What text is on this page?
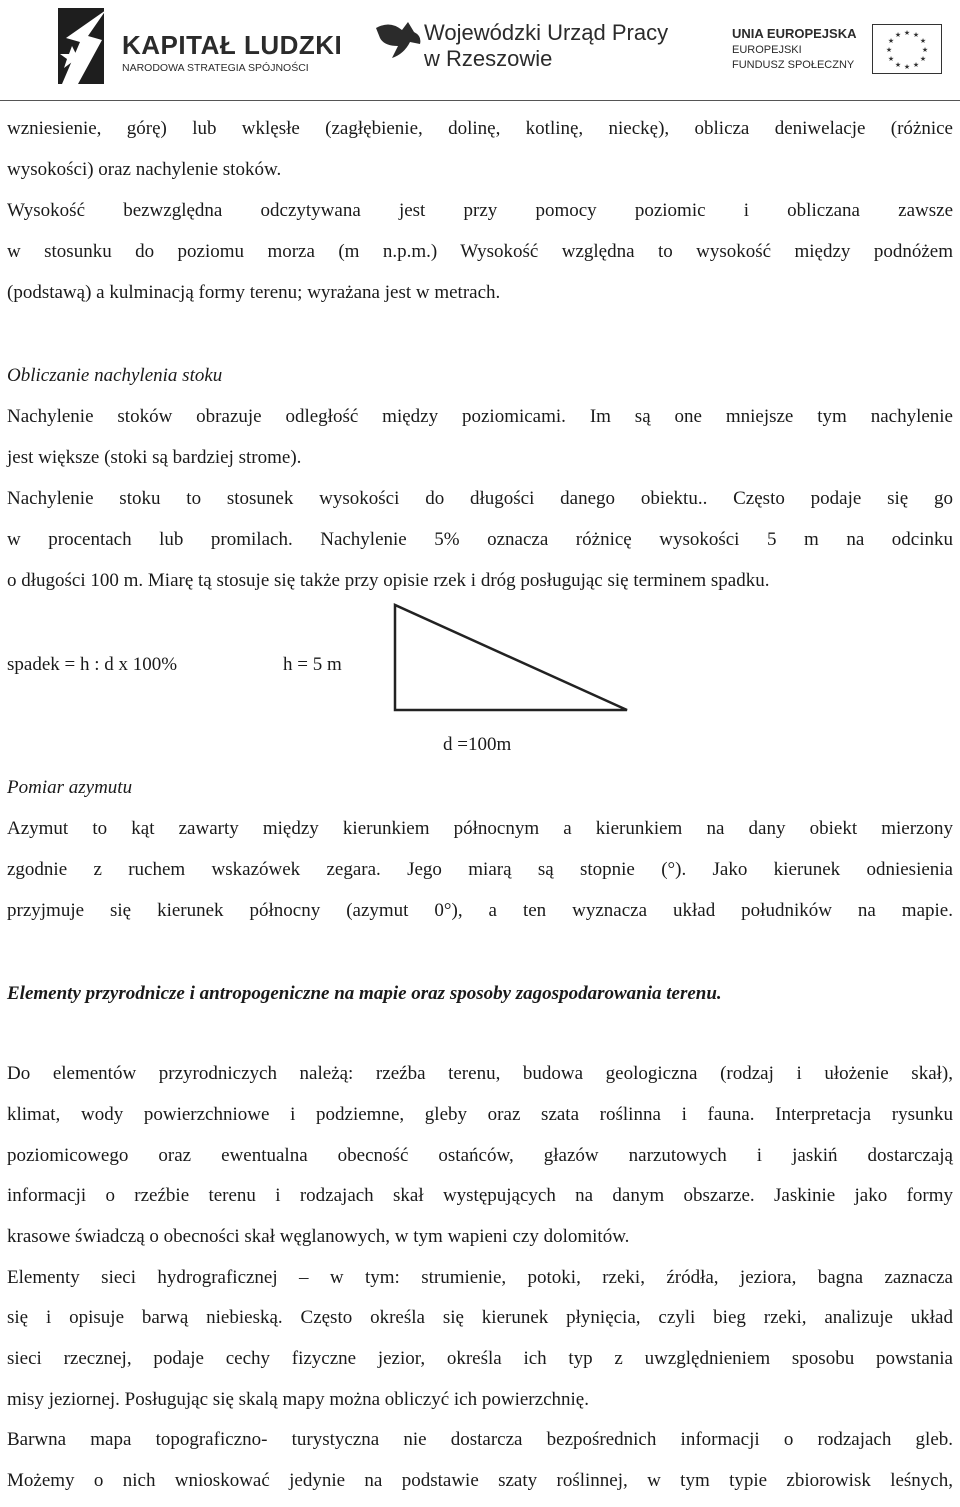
KAPITAŁ LUDZKI
NARODOWA STRATEGIA SPÓJNOŚCI
Wojewódzki Urząd Pracy
w Rzeszowie
UNIA EUROPEJSKA
EUROPEJSKI
FUNDUSZ SPOŁECZNY
★ ★
★
★
★
★
★
★
★
★
★
★
wzniesienie, górę) lub wklęsłe (zagłębienie, dolinę, kotlinę, nieckę), oblicza deniwelacje (różnice
wysokości) oraz nachylenie stoków.
Wysokość bezwzględna odczytywana jest przy pomocy poziomic i obliczana zawsze
w stosunku do poziomu morza (m n.p.m.) Wysokość względna to wysokość między podnóżem
(podstawą) a kulminacją formy terenu; wyrażana jest w metrach.
Obliczanie nachylenia stoku
Nachylenie stoków obrazuje odległość między poziomicami. Im są one mniejsze tym nachylenie
jest większe (stoki są bardziej strome).
Nachylenie stoku to stosunek wysokości do długości danego obiektu.. Często podaje się go
w procentach lub promilach. Nachylenie 5% oznacza różnicę wysokości 5 m na odcinku
o długości 100 m. Miarę tą stosuje się także przy opisie rzek i dróg posługując się terminem spadku.
spadek = h : d x 100%	h = 5 m
d =100m
Pomiar azymutu
Azymut to kąt zawarty między kierunkiem północnym a kierunkiem na dany obiekt mierzony
zgodnie z ruchem wskazówek zegara. Jego miarą są stopnie (°). Jako kierunek odniesienia
przyjmuje się kierunek północny (azymut 0°), a ten wyznacza układ południków na mapie.
Elementy przyrodnicze i antropogeniczne na mapie oraz sposoby zagospodarowania terenu.
Do elementów przyrodniczych należą: rzeźba terenu, budowa geologiczna (rodzaj i ułożenie skał),
klimat, wody powierzchniowe i podziemne, gleby oraz szata roślinna i fauna. Interpretacja rysunku
poziomicowego oraz ewentualna obecność ostańców, głazów narzutowych i jaskiń dostarczają
informacji o rzeźbie terenu i rodzajach skał występujących na danym obszarze. Jaskinie jako formy
krasowe świadczą o obecności skał węglanowych, w tym wapieni czy dolomitów.
Elementy sieci hydrograficznej – w tym: strumienie, potoki, rzeki, źródła, jeziora, bagna zaznacza
się i opisuje barwą niebieską. Często określa się kierunek płynięcia, czyli bieg rzeki, analizuje układ
sieci rzecznej, podaje cechy fizyczne jezior, określa ich typ z uwzględnieniem sposobu powstania
misy jeziornej. Posługując się skalą mapy można obliczyć ich powierzchnię.
Barwna mapa topograficzno- turystyczna nie dostarcza bezpośrednich informacji o rodzajach gleb.
Możemy o nich wnioskować jedynie na podstawie szaty roślinnej, w tym typie zbiorowisk leśnych,
